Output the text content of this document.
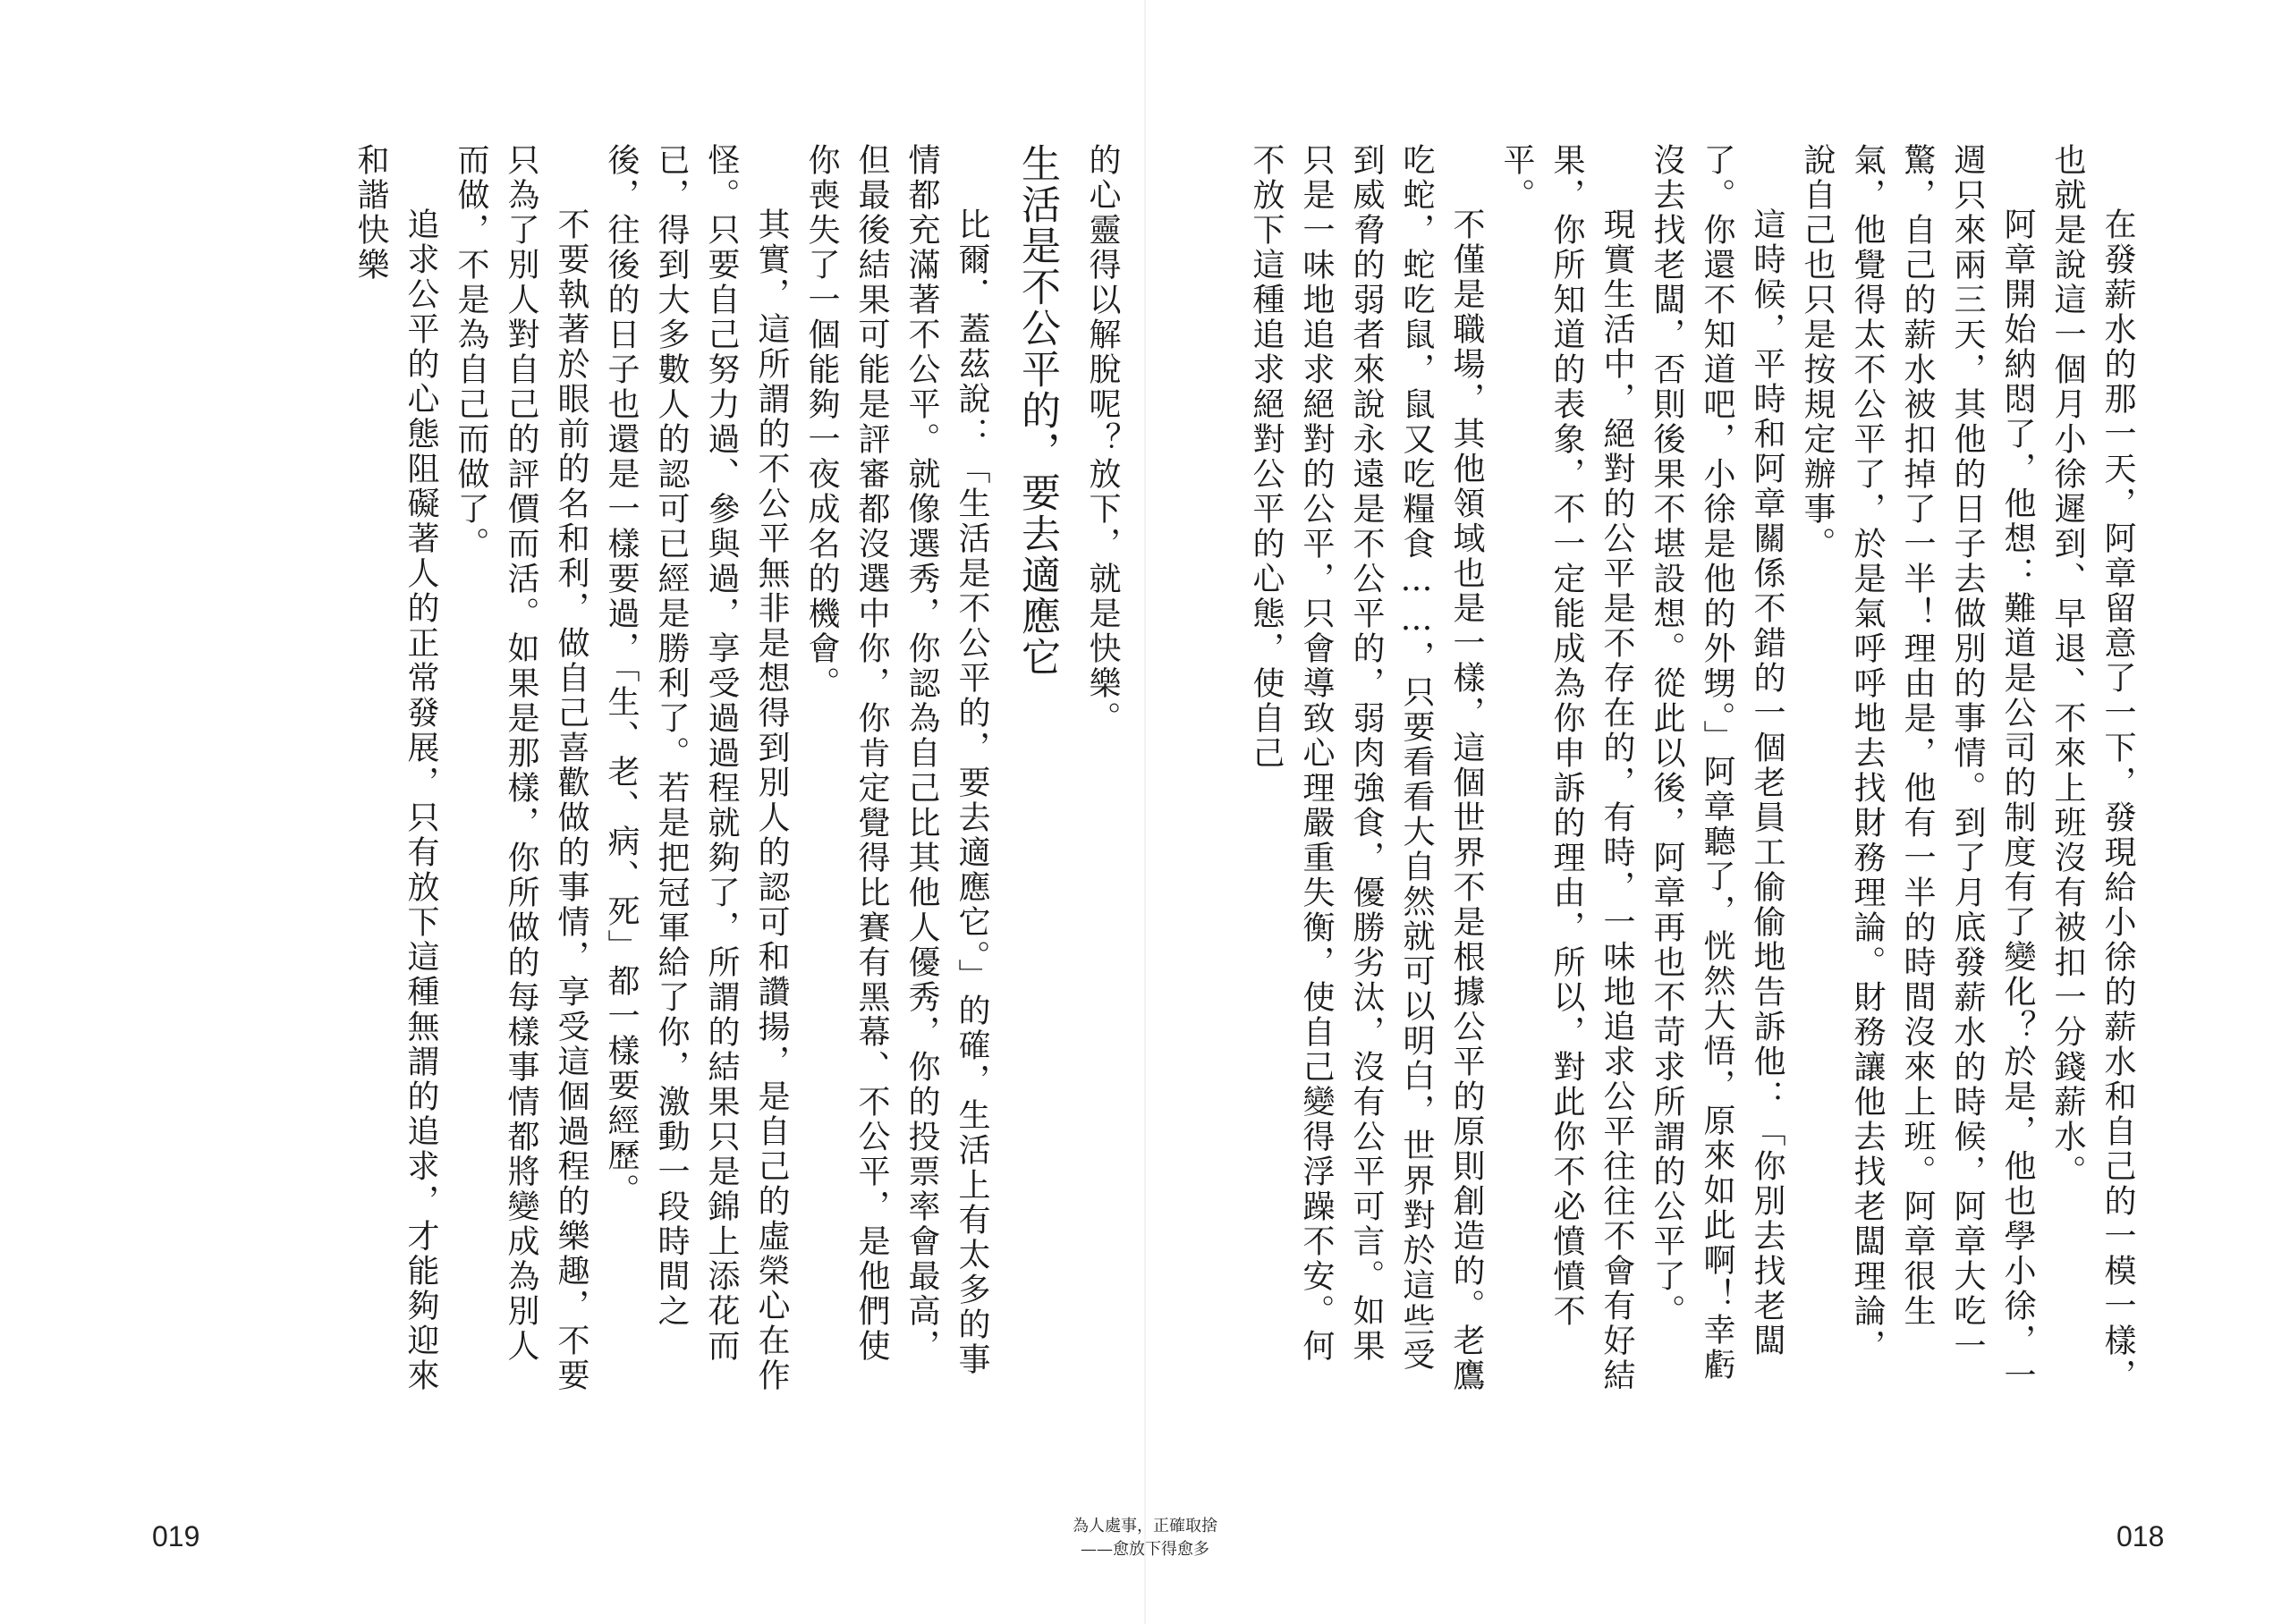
在發薪水的那一天，阿章留意了一下，發現給小徐的薪水和自己的一模一樣，也就是說這一個月小徐遲到、早退、不來上班沒有被扣一分錢薪水。

阿章開始納悶了，他想：難道是公司的制度有了變化？於是，他也學小徐，一週只來兩三天，其他的日子去做別的事情。到了月底發薪水的時候，阿章大吃一驚，自己的薪水被扣掉了一半！理由是，他有一半的時間沒來上班。阿章很生氣，他覺得太不公平了，於是氣呼呼地去找財務理論。財務讓他去找老闆理論，說自己也只是按規定辦事。

這時候，平時和阿章關係不錯的一個老員工偷偷地告訴他：「你別去找老闆了。你還不知道吧，小徐是他的外甥。」阿章聽了，恍然大悟，原來如此啊！幸虧沒去找老闆，否則後果不堪設想。從此以後，阿章再也不苛求所謂的公平了。

現實生活中，絕對的公平是不存在的，有時，一味地追求公平往往不會有好結果，你所知道的表象，不一定能成為你申訴的理由，所以，對此你不必憤憤不平。

不僅是職場，其他領域也是一樣，這個世界不是根據公平的原則創造的。老鷹吃蛇，蛇吃鼠，鼠又吃糧食……，只要看看大自然就可以明白，世界對於這些受到威脅的弱者來說永遠是不公平的，弱肉強食，優勝劣汰，沒有公平可言。如果只是一味地追求絕對的公平，只會導致心理嚴重失衡，使自己變得浮躁不安。何不放下這種追求絕對公平的心態，使自己

的心靈得以解脫呢？放下，就是快樂。

生活是不公平的，要去適應它

比爾．蓋茲說：「生活是不公平的，要去適應它。」的確，生活上有太多的事情都充滿著不公平。就像選秀，你認為自己比其他人優秀，你的投票率會最高，但最後結果可能是評審都沒選中你，你肯定覺得比賽有黑幕、不公平，是他們使你喪失了一個能夠一夜成名的機會。

其實，這所謂的不公平無非是想得到別人的認可和讚揚，是自己的虛榮心在作怪。只要自己努力過、參與過，享受過過程就夠了，所謂的結果只是錦上添花而已，得到大多數人的認可已經是勝利了。若是把冠軍給了你，激動一段時間之後，往後的日子也還是一樣要過，「生、老、病、死」都一樣要經歷。

不要執著於眼前的名和利，做自己喜歡做的事情，享受這個過程的樂趣，不要只為了別人對自己的評價而活。如果是那樣，你所做的每樣事情都將變成為別人而做，不是為自己而做了。

追求公平的心態阻礙著人的正常發展，只有放下這種無謂的追求，才能夠迎來和諧快樂

019	018
為人處事，正確取捨
——愈放下得愈多
